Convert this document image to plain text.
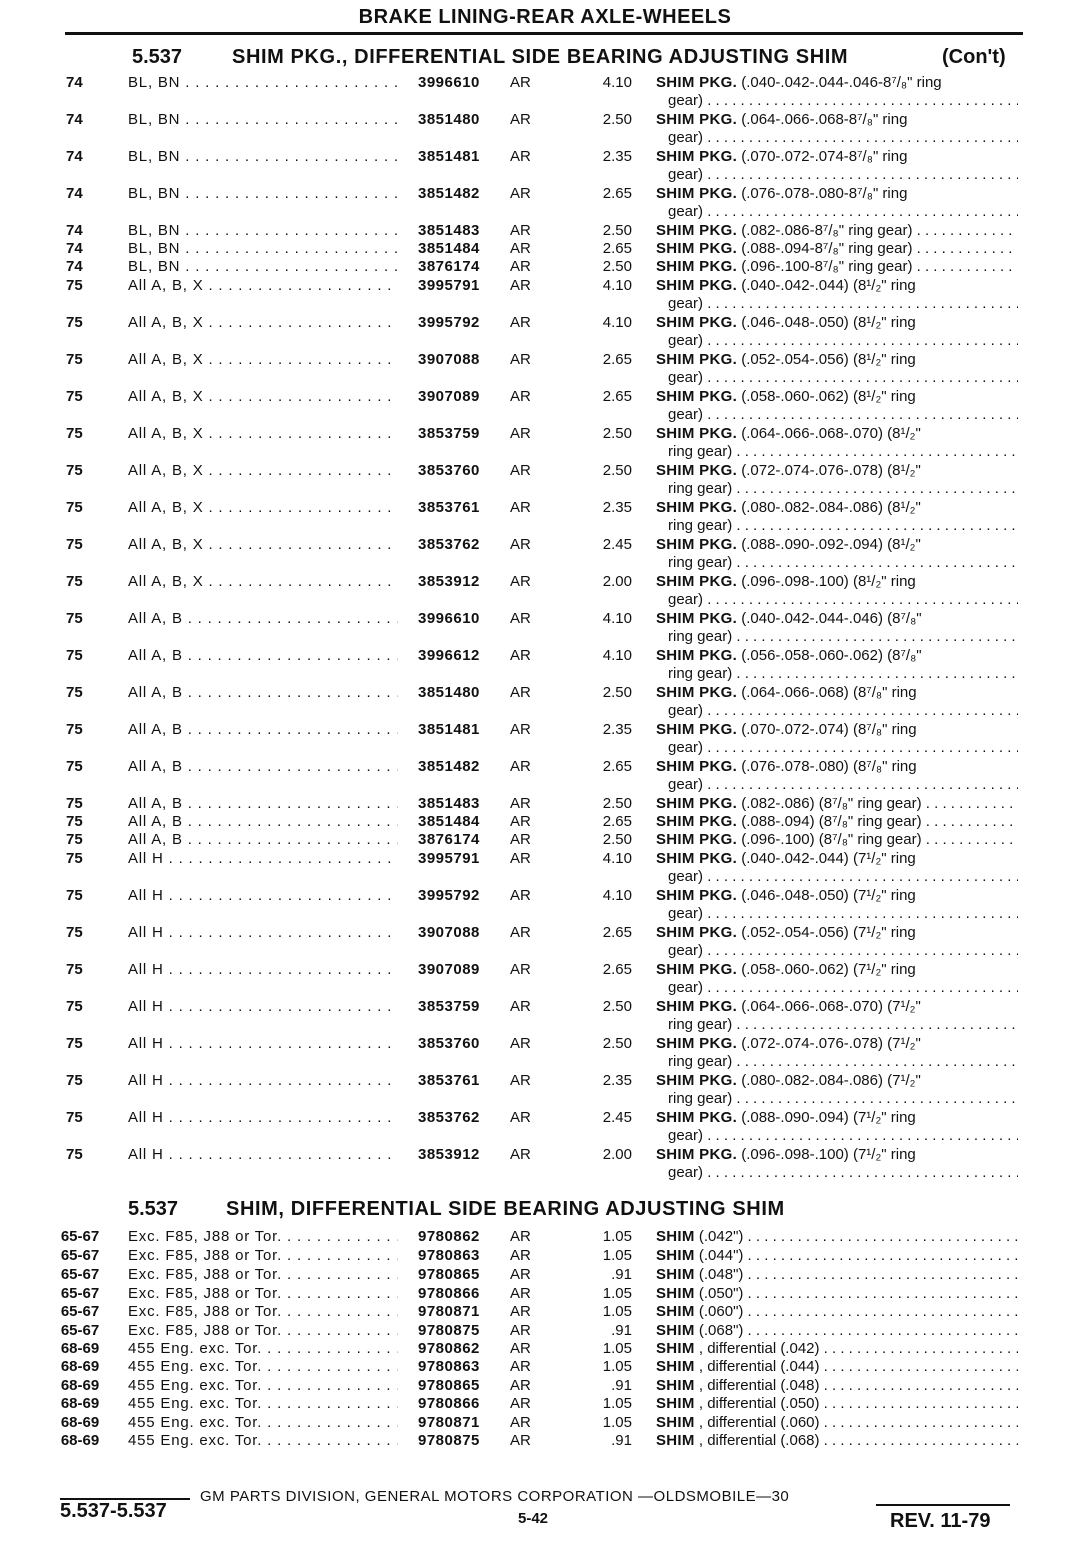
BRAKE LINING-REAR AXLE-WHEELS
5.537 SHIM PKG., DIFFERENTIAL SIDE BEARING ADJUSTING SHIM	(Con't)
74	BL, BN . . .	3996610 AR	4.10 SHIM PKG. (.040-.042-.044-.046-8⁷/₈" ring
gear) . . .
74	BL, BN . . .	3851480 AR	2.50 SHIM PKG. (.064-.066-.068-8⁷/₈" ring
gear) . . .
74	BL, BN . . .	3851481 AR	2.35 SHIM PKG. (.070-.072-.074-8⁷/₈" ring
gear) . . .
74	BL, BN . . .	3851482 AR	2.65 SHIM PKG. (.076-.078-.080-8⁷/₈" ring
gear) . . .
74	BL, BN . . .	3851483 AR	2.50 SHIM PKG. (.082-.086-8⁷/₈" ring gear) . . .
74	BL, BN . . .	3851484 AR	2.65 SHIM PKG. (.088-.094-8⁷/₈" ring gear) . . .
74	BL, BN . . .	3876174 AR	2.50 SHIM PKG. (.096-.100-8⁷/₈" ring gear) . . .
75	All A, B, X . . .	3995791 AR	4.10 SHIM PKG. (.040-.042-.044) (8¹/₂" ring
gear) . . .
75	All A, B, X . . .	3995792 AR	4.10 SHIM PKG. (.046-.048-.050) (8¹/₂" ring
gear) . . .
75	All A, B, X . . .	3907088 AR	2.65 SHIM PKG. (.052-.054-.056) (8¹/₂" ring
gear) . . .
75	All A, B, X . . .	3907089 AR	2.65 SHIM PKG. (.058-.060-.062) (8¹/₂" ring
gear) . . .
75	All A, B, X . . .	3853759 AR	2.50 SHIM PKG. (.064-.066-.068-.070) (8¹/₂"
ring gear) . . .
75	All A, B, X . . .	3853760 AR	2.50 SHIM PKG. (.072-.074-.076-.078) (8¹/₂"
ring gear) . . .
75	All A, B, X . . .	3853761 AR	2.35 SHIM PKG. (.080-.082-.084-.086) (8¹/₂"
ring gear) . . .
75	All A, B, X . . .	3853762 AR	2.45 SHIM PKG. (.088-.090-.092-.094) (8¹/₂"
ring gear) . . .
75	All A, B, X . . .	3853912 AR	2.00 SHIM PKG. (.096-.098-.100) (8¹/₂" ring
gear) . . .
75	All A, B . . .	3996610 AR	4.10 SHIM PKG. (.040-.042-.044-.046) (8⁷/₈"
ring gear) . . .
75	All A, B . . .	3996612 AR	4.10 SHIM PKG. (.056-.058-.060-.062) (8⁷/₈"
ring gear) . . .
75	All A, B . . .	3851480 AR	2.50 SHIM PKG. (.064-.066-.068) (8⁷/₈" ring
gear) . . .
75	All A, B . . .	3851481 AR	2.35 SHIM PKG. (.070-.072-.074) (8⁷/₈" ring
gear) . . .
75	All A, B . . .	3851482 AR	2.65 SHIM PKG. (.076-.078-.080) (8⁷/₈" ring
gear) . . .
75	All A, B . . .	3851483 AR	2.50 SHIM PKG. (.082-.086) (8⁷/₈" ring gear) . . .
75	All A, B . . .	3851484 AR	2.65 SHIM PKG. (.088-.094) (8⁷/₈" ring gear) . . .
75	All A, B . . .	3876174 AR	2.50 SHIM PKG. (.096-.100) (8⁷/₈" ring gear) . . .
75	All H . . .	3995791 AR	4.10 SHIM PKG. (.040-.042-.044) (7¹/₂" ring
gear) . . .
75	All H . . .	3995792 AR	4.10 SHIM PKG. (.046-.048-.050) (7¹/₂" ring
gear) . . .
75	All H . . .	3907088 AR	2.65 SHIM PKG. (.052-.054-.056) (7¹/₂" ring
gear) . . .
75	All H . . .	3907089 AR	2.65 SHIM PKG. (.058-.060-.062) (7¹/₂" ring
gear) . . .
75	All H . . .	3853759 AR	2.50 SHIM PKG. (.064-.066-.068-.070) (7¹/₂"
ring gear) . . .
75	All H . . .	3853760 AR	2.50 SHIM PKG. (.072-.074-.076-.078) (7¹/₂"
ring gear) . . .
75	All H . . .	3853761 AR	2.35 SHIM PKG. (.080-.082-.084-.086) (7¹/₂"
ring gear) . . .
75	All H . . .	3853762 AR	2.45 SHIM PKG. (.088-.090-.094) (7¹/₂" ring
gear) . . .
75	All H . . .	3853912 AR	2.00 SHIM PKG. (.096-.098-.100) (7¹/₂" ring
gear) . . .
5.537 SHIM, DIFFERENTIAL SIDE BEARING ADJUSTING SHIM
65-67 Exc. F85, J88 or Tor. . . .	9780862 AR	1.05 SHIM (.042") . . .
65-67 Exc. F85, J88 or Tor. . . .	9780863 AR	1.05 SHIM (.044") . . .
65-67 Exc. F85, J88 or Tor. . . .	9780865 AR	.91 SHIM (.048") . . .
65-67 Exc. F85, J88 or Tor. . . .	9780866 AR	1.05 SHIM (.050") . . .
65-67 Exc. F85, J88 or Tor. . . .	9780871 AR	1.05 SHIM (.060") . . .
65-67 Exc. F85, J88 or Tor. . . .	9780875 AR	.91 SHIM (.068") . . .
68-69 455 Eng. exc. Tor. . . .	9780862 AR	1.05 SHIM , differential (.042) . . .
68-69 455 Eng. exc. Tor. . . .	9780863 AR	1.05 SHIM , differential (.044) . . .
68-69 455 Eng. exc. Tor. . . .	9780865 AR	.91 SHIM , differential (.048) . . .
68-69 455 Eng. exc. Tor. . . .	9780866 AR	1.05 SHIM , differential (.050) . . .
68-69 455 Eng. exc. Tor. . . .	9780871 AR	1.05 SHIM , differential (.060) . . .
68-69 455 Eng. exc. Tor. . . .	9780875 AR	.91 SHIM , differential (.068) . . .
5.537-5.537
GM PARTS DIVISION, GENERAL MOTORS CORPORATION —OLDSMOBILE—30
5-42	REV. 11-79
